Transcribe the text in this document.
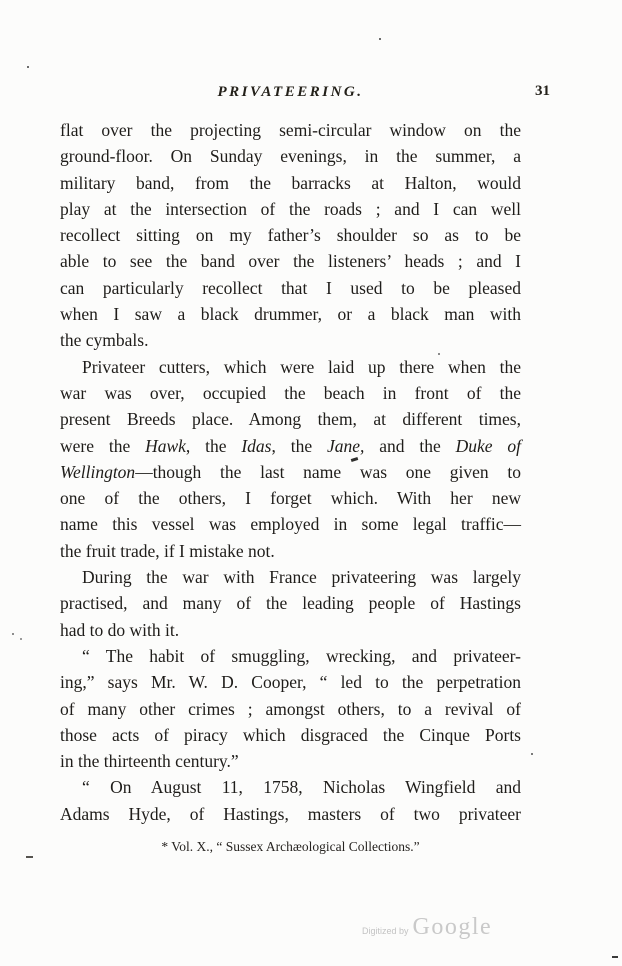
PRIVATEERING.	31
flat over the projecting semi-circular window on the
ground-floor. On Sunday evenings, in the summer, a
military band, from the barracks at Halton, would
play at the intersection of the roads ; and I can well
recollect sitting on my father’s shoulder so as to be
able to see the band over the listeners’ heads ; and I
can particularly recollect that I used to be pleased
when I saw a black drummer, or a black man with
the cymbals.
Privateer cutters, which were laid up there when the
war was over, occupied the beach in front of the
present Breeds place. Among them, at different times,
were the Hawk, the Idas, the Jane, and the Duke of
Wellington—though the last name was one given to
one of the others, I forget which. With her new
name this vessel was employed in some legal traffic—
the fruit trade, if I mistake not.
During the war with France privateering was largely
practised, and many of the leading people of Hastings
had to do with it.
“ The habit of smuggling, wrecking, and privateer-
ing,” says Mr. W. D. Cooper, “ led to the perpetration
of many other crimes ; amongst others, to a revival of
those acts of piracy which disgraced the Cinque Ports
in the thirteenth century.”
“ On August 11, 1758, Nicholas Wingfield and
Adams Hyde, of Hastings, masters of two privateer
* Vol. X., “ Sussex Archæological Collections.”
Digitized by Google
